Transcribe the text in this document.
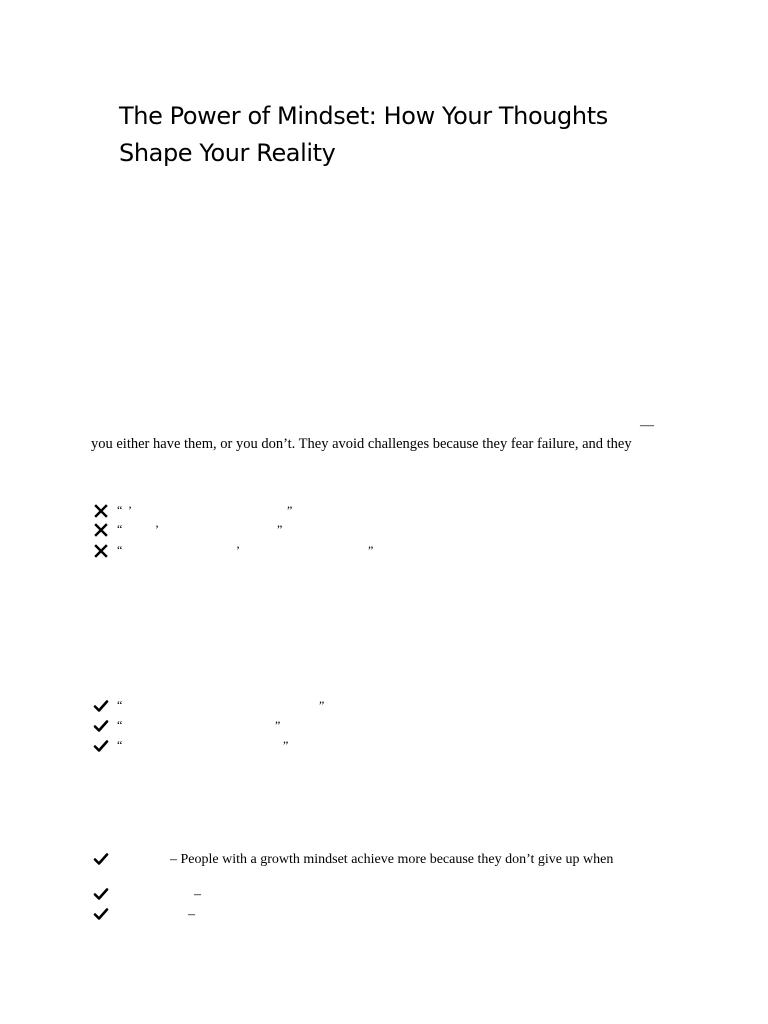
The Power of Mindset: How Your Thoughts Shape Your Reality
—
you either have them, or you don’t. They avoid challenges because they fear failure, and they
“ ’	”
“	’	”
“	’	”
“	”
“	”
“	”
– People with a growth mindset achieve more because they don’t give up when
–
–
